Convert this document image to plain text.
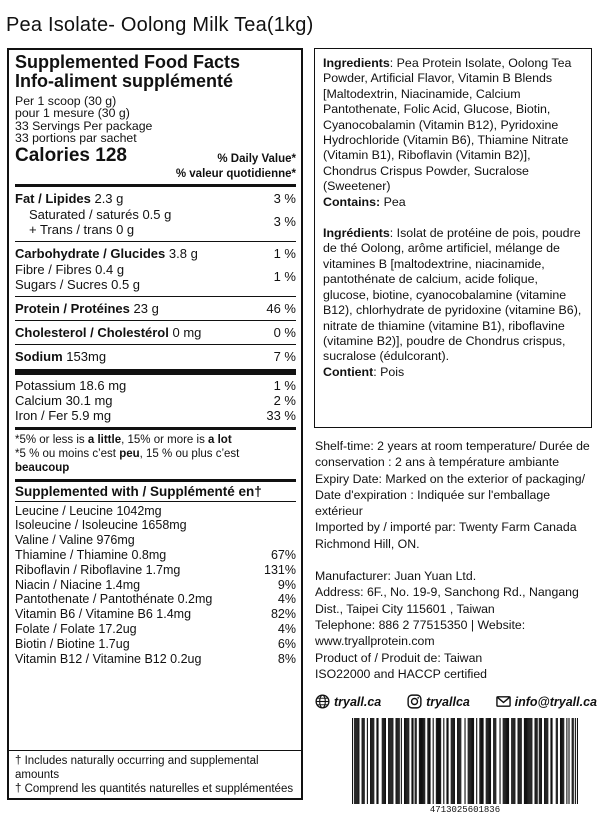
Pea Isolate- Oolong Milk Tea(1kg)
Supplemented Food Facts
Info-aliment supplémenté
Per 1 scoop (30 g)
pour 1 mesure (30 g)
33 Servings Per package
33 portions par sachet
Calories 128	% Daily Value*
% valeur quotidienne*
Fat / Lipides 2.3 g	3 %
Saturated / saturés 0.5 g
+ Trans / trans 0 g	3 %
Carbohydrate / Glucides 3.8 g	1 %
Fibre / Fibres 0.4 g
Sugars / Sucres 0.5 g	1 %
Protein / Protéines 23 g	46 %
Cholesterol / Cholestérol 0 mg	0 %
Sodium 153mg	7 %
Potassium 18.6 mg	1 %
Calcium 30.1 mg	2 %
Iron / Fer 5.9 mg	33 %
*5% or less is a little, 15% or more is a lot
*5 % ou moins c’est peu, 15 % ou plus c’est beaucoup
Supplemented with / Supplémenté en†
Leucine / Leucine 1042mg
Isoleucine / Isoleucine 1658mg
Valine / Valine 976mg
Thiamine / Thiamine 0.8mg	67%
Riboflavin / Riboflavine 1.7mg	131%
Niacin / Niacine 1.4mg	9%
Pantothenate / Pantothénate 0.2mg	4%
Vitamin B6 / Vitamine B6 1.4mg	82%
Folate / Folate 17.2ug	4%
Biotin / Biotine 1.7ug	6%
Vitamin B12 / Vitamine B12 0.2ug	8%
† Includes naturally occurring and supplemental amounts
† Comprend les quantités naturelles et supplémentées

Ingredients: Pea Protein Isolate, Oolong Tea Powder, Artificial Flavor, Vitamin B Blends [Maltodextrin, Niacinamide, Calcium Pantothenate, Folic Acid, Glucose, Biotin, Cyanocobalamin (Vitamin B12), Pyridoxine Hydrochloride (Vitamin B6), Thiamine Nitrate (Vitamin B1), Riboflavin (Vitamin B2)], Chondrus Crispus Powder, Sucralose (Sweetener)

Contains: Pea

Ingrédients: Isolat de protéine de pois, poudre de thé Oolong, arôme artificiel, mélange de vitamines B [maltodextrine, niacinamide, pantothénate de calcium, acide folique, glucose, biotine, cyanocobalamine (vitamine B12), chlorhydrate de pyridoxine (vitamine B6), nitrate de thiamine (vitamine B1), riboflavine (vitamine B2)], poudre de Chondrus crispus, sucralose (édulcorant).

Contient: Pois

Shelf-time: 2 years at room temperature/ Durée de conservation : 2 ans à température ambiante

Expiry Date: Marked on the exterior of packaging/ Date d'expiration : Indiquée sur l'emballage extérieur

Imported by / importé par: Twenty Farm Canada Richmond Hill, ON.

Manufacturer: Juan Yuan Ltd.

Address: 6F., No. 19-9, Sanchong Rd., Nangang Dist., Taipei City 115601 , Taiwan

Telephone: 886 2 77515350 | Website: www.tryallprotein.com

Product of / Produit de: Taiwan

ISO22000 and HACCP certified

tryall.ca	tryallca	info@tryall.ca
4713025601836
